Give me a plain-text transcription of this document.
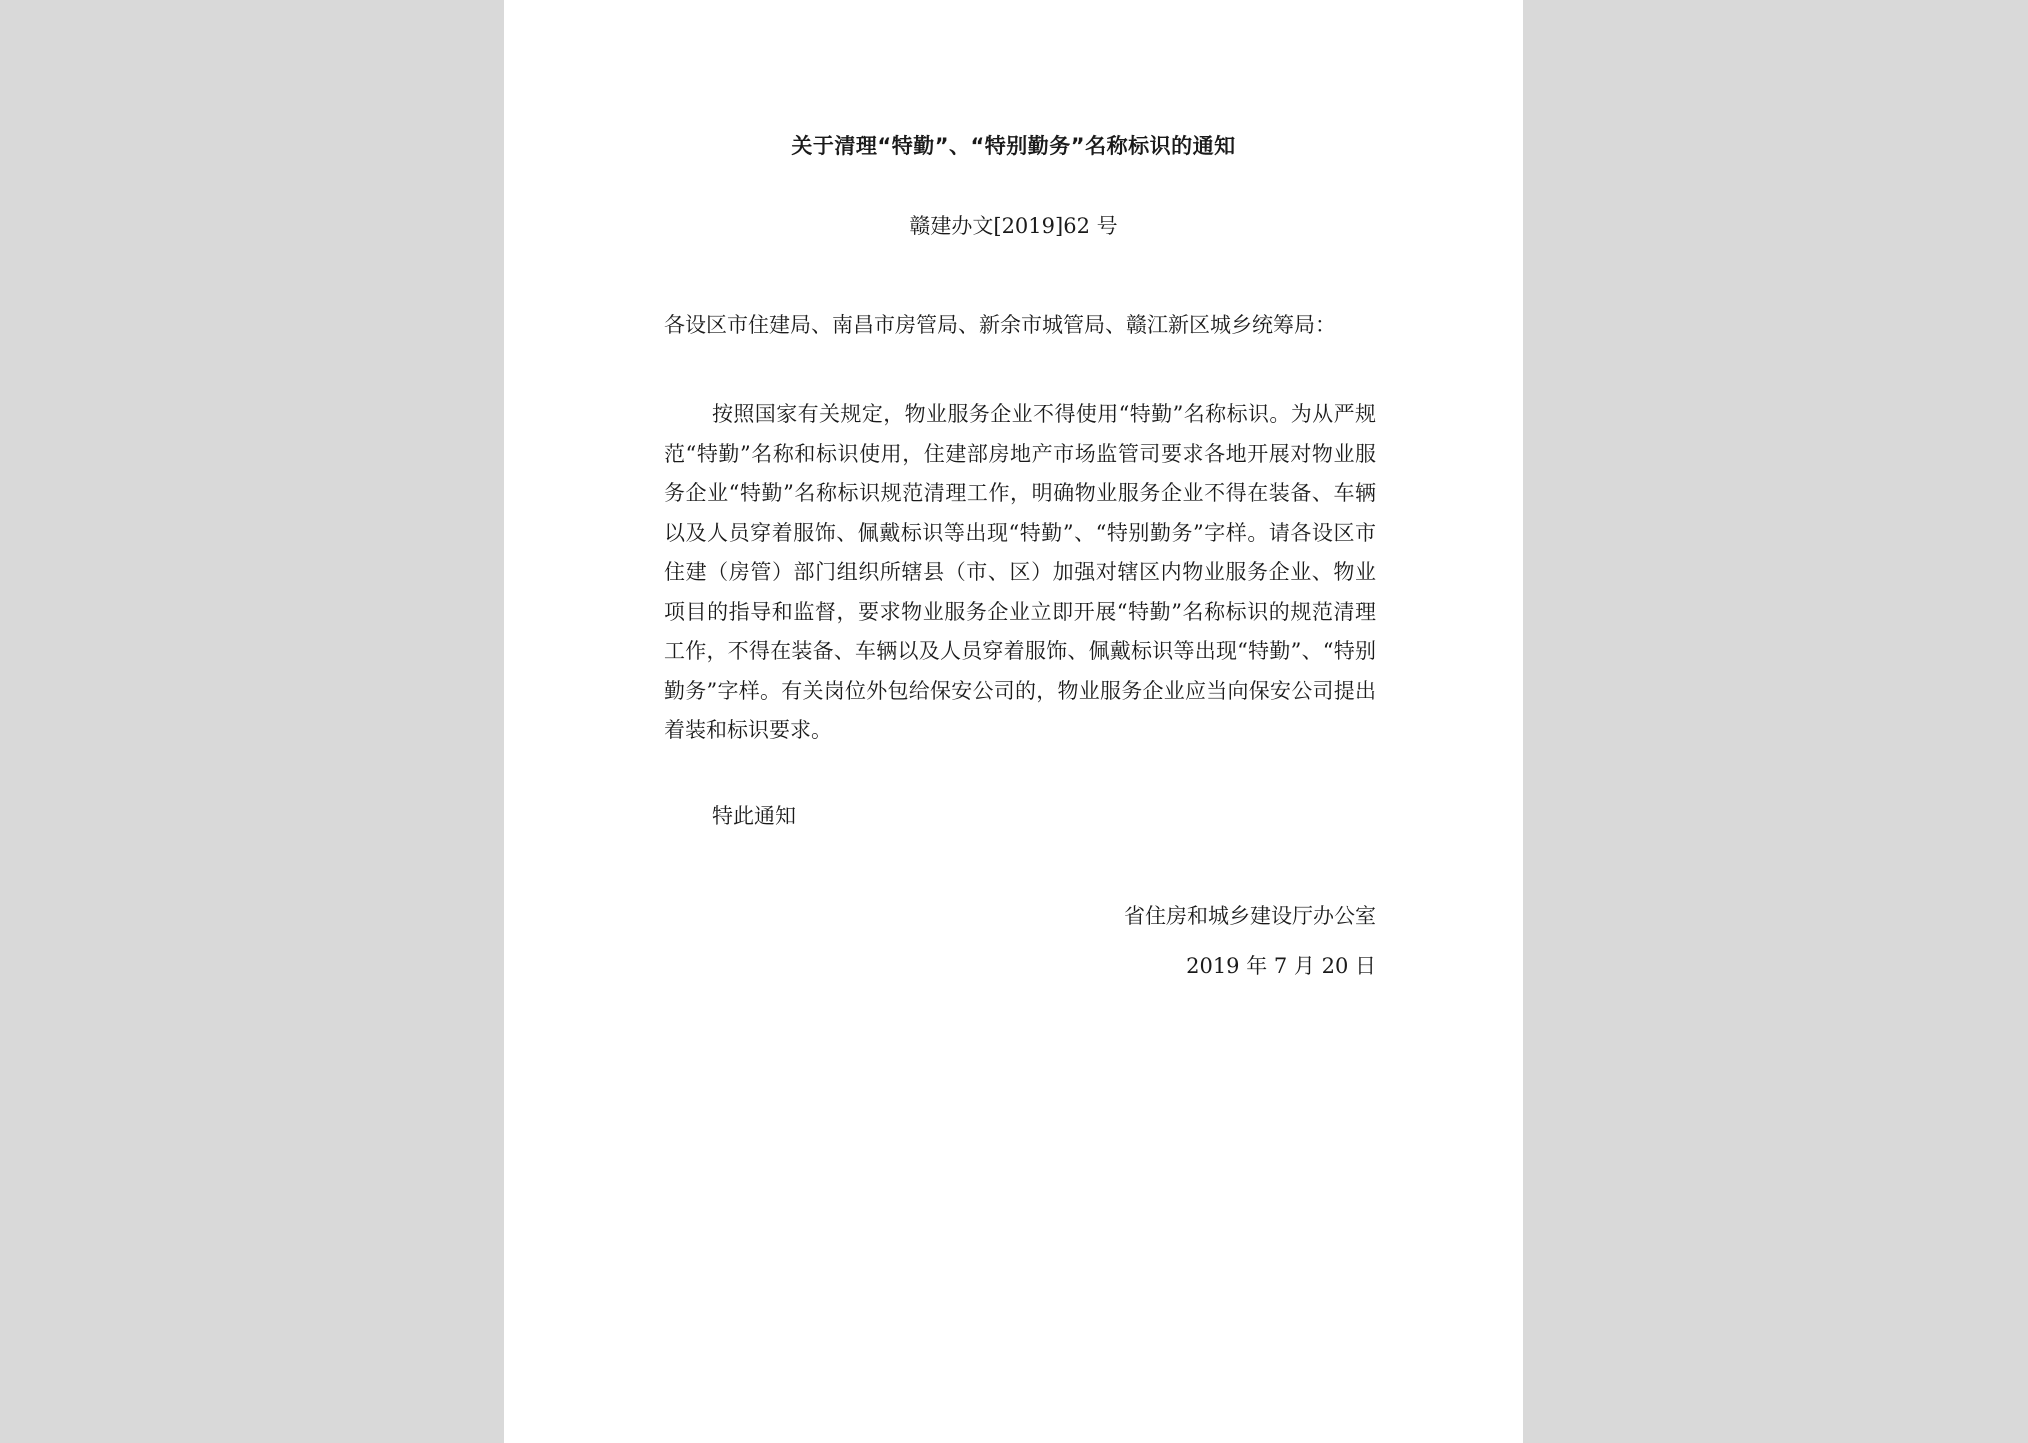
关于清理“特勤”、“特别勤务”名称标识的通知
赣建办文[2019]62 号
各设区市住建局、南昌市房管局、新余市城管局、赣江新区城乡统筹局：
按照国家有关规定，物业服务企业不得使用“特勤”名称标识。为从严规范“特勤”名称和标识使用，住建部房地产市场监管司要求各地开展对物业服务企业“特勤”名称标识规范清理工作，明确物业服务企业不得在装备、车辆以及人员穿着服饰、佩戴标识等出现“特勤”、“特别勤务”字样。请各设区市住建（房管）部门组织所辖县（市、区）加强对辖区内物业服务企业、物业项目的指导和监督，要求物业服务企业立即开展“特勤”名称标识的规范清理工作，不得在装备、车辆以及人员穿着服饰、佩戴标识等出现“特勤”、“特别勤务”字样。有关岗位外包给保安公司的，物业服务企业应当向保安公司提出着装和标识要求。
特此通知
省住房和城乡建设厅办公室
2019 年 7 月 20 日
